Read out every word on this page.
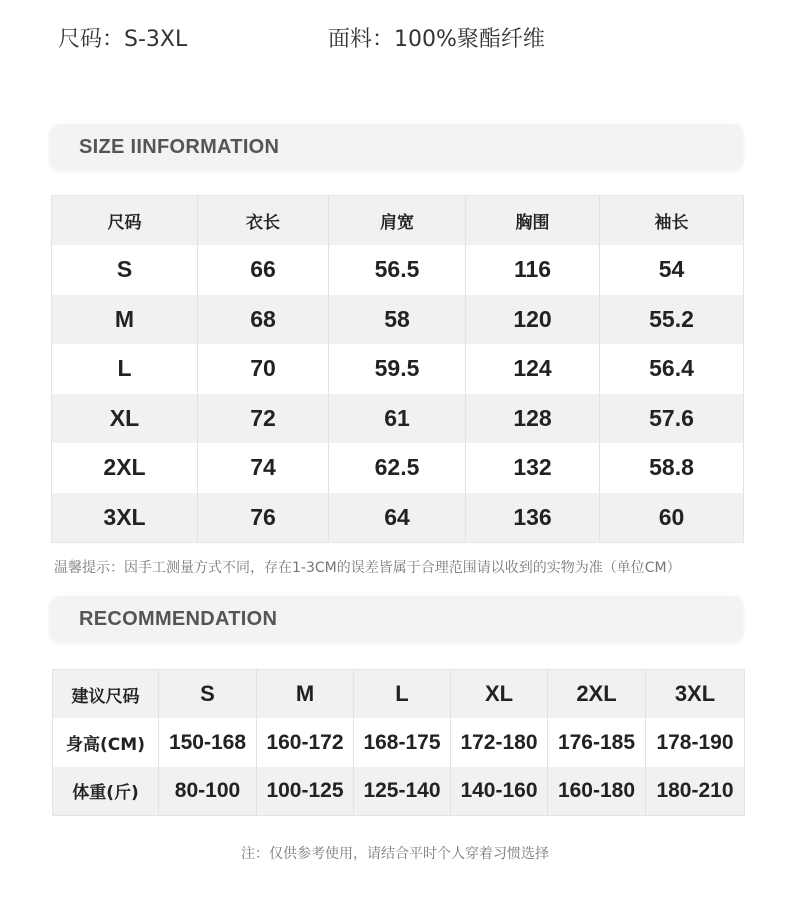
尺码：S-3XL	面料：100%聚酯纤维
SIZE IINFORMATION
尺码	衣长	肩宽	胸围	袖长
S	66	56.5	116	54
M	68	58	120	55.2
L	70	59.5	124	56.4
XL	72	61	128	57.6
2XL	74	62.5	132	58.8
3XL	76	64	136	60
温馨提示：因手工测量方式不同，存在1-3CM的误差皆属于合理范围请以收到的实物为准（单位CM）
RECOMMENDATION
建议尺码	S	M	L	XL	2XL	3XL
身高(CM)	150-168	160-172	168-175	172-180	176-185	178-190
体重(斤)	80-100	100-125	125-140	140-160	160-180	180-210
注：仅供参考使用，请结合平时个人穿着习惯选择
